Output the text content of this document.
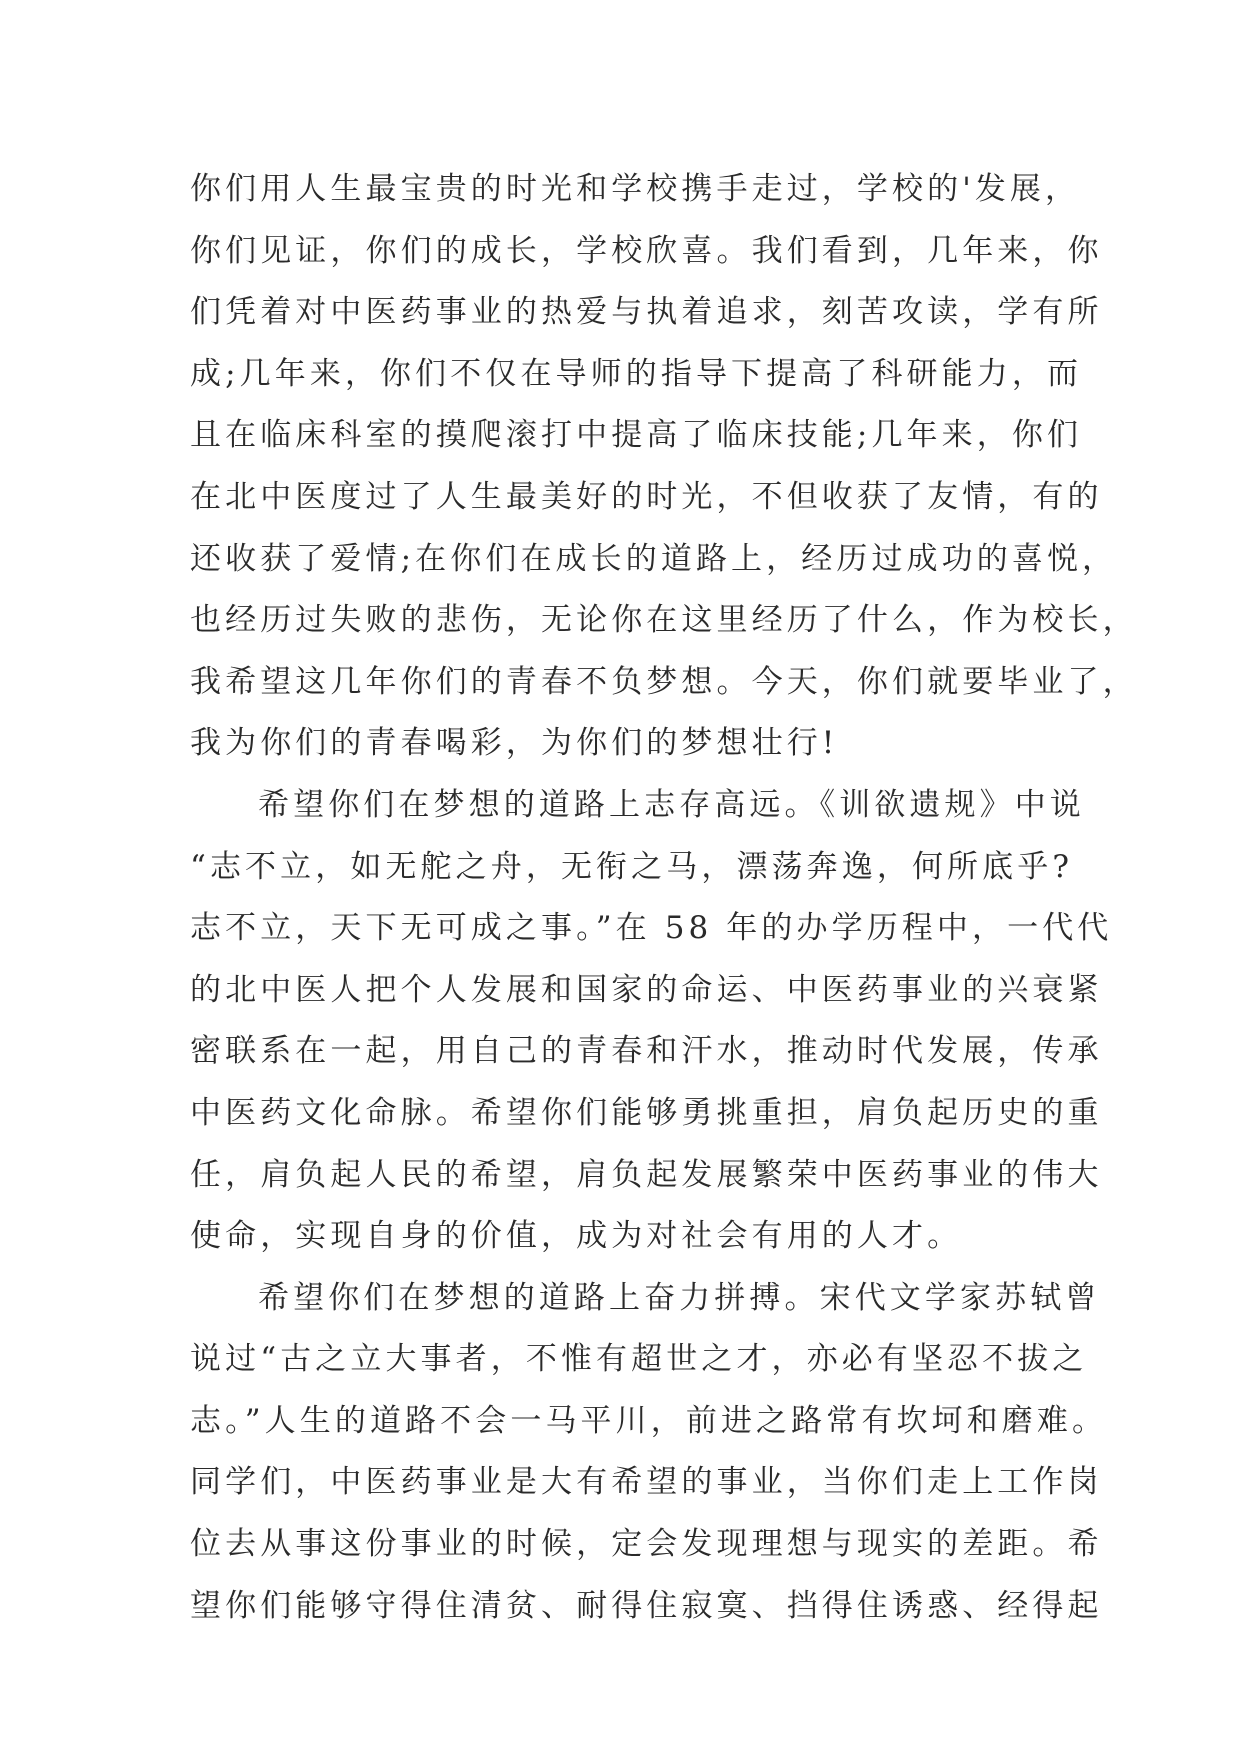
你们用人生最宝贵的时光和学校携手走过，学校的'发展，
你们见证，你们的成长，学校欣喜。我们看到，几年来，你
们凭着对中医药事业的热爱与执着追求，刻苦攻读，学有所
成;几年来，你们不仅在导师的指导下提高了科研能力，而
且在临床科室的摸爬滚打中提高了临床技能;几年来，你们
在北中医度过了人生最美好的时光，不但收获了友情，有的
还收获了爱情;在你们在成长的道路上，经历过成功的喜悦，
也经历过失败的悲伤，无论你在这里经历了什么，作为校长，
我希望这几年你们的青春不负梦想。今天，你们就要毕业了，
我为你们的青春喝彩，为你们的梦想壮行!
希望你们在梦想的道路上志存高远。《训欲遗规》中说
“志不立，如无舵之舟，无衔之马，漂荡奔逸，何所底乎?
志不立，天下无可成之事。”在 58 年的办学历程中，一代代
的北中医人把个人发展和国家的命运、中医药事业的兴衰紧
密联系在一起，用自己的青春和汗水，推动时代发展，传承
中医药文化命脉。希望你们能够勇挑重担，肩负起历史的重
任，肩负起人民的希望，肩负起发展繁荣中医药事业的伟大
使命，实现自身的价值，成为对社会有用的人才。
希望你们在梦想的道路上奋力拼搏。宋代文学家苏轼曾
说过“古之立大事者，不惟有超世之才，亦必有坚忍不拔之
志。”人生的道路不会一马平川，前进之路常有坎坷和磨难。
同学们，中医药事业是大有希望的事业，当你们走上工作岗
位去从事这份事业的时候，定会发现理想与现实的差距。希
望你们能够守得住清贫、耐得住寂寞、挡得住诱惑、经得起
